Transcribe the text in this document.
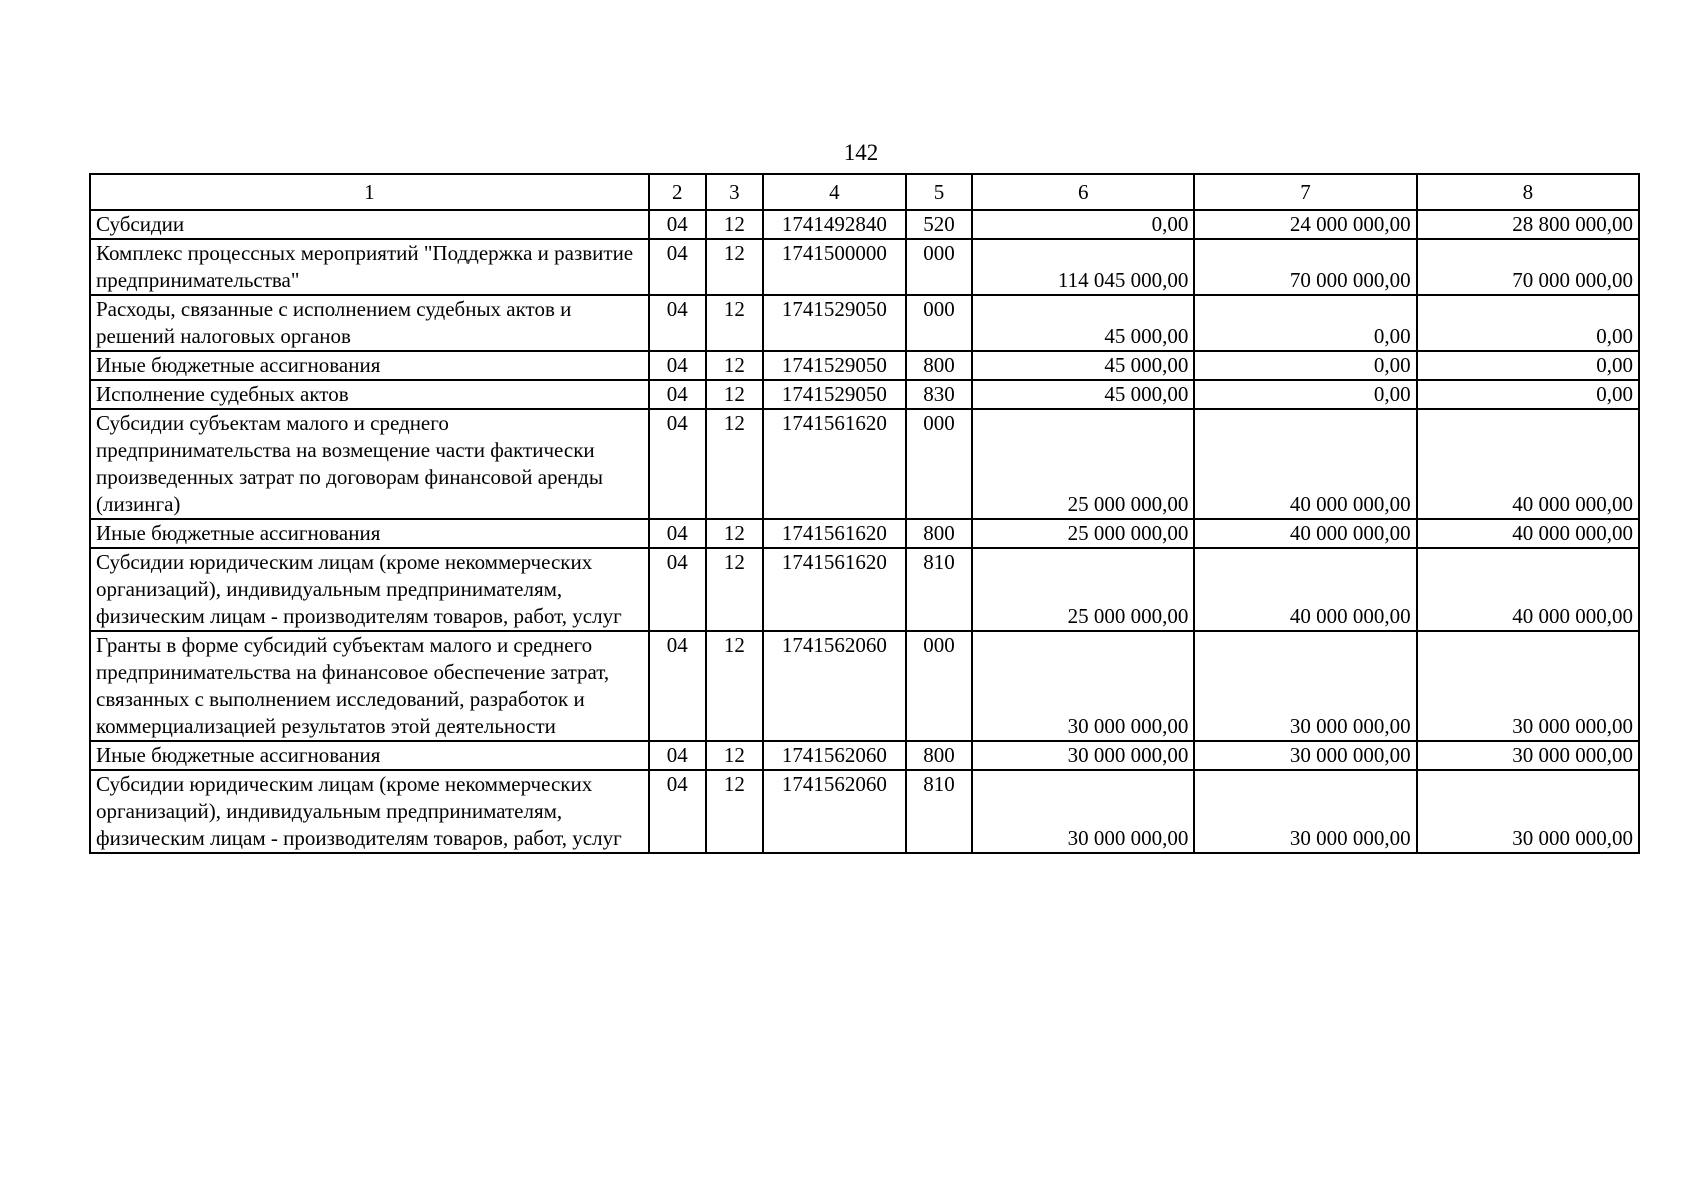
142
1	2	3	4	5	6	7	8
Субсидии	04	12	1741492840	520	0,00	24 000 000,00	28 800 000,00
Комплекс процессных мероприятий "Поддержка и развитие предпринимательства"	04	12	1741500000	000	114 045 000,00	70 000 000,00	70 000 000,00
Расходы, связанные с исполнением судебных актов и решений налоговых органов	04	12	1741529050	000	45 000,00	0,00	0,00
Иные бюджетные ассигнования	04	12	1741529050	800	45 000,00	0,00	0,00
Исполнение судебных актов	04	12	1741529050	830	45 000,00	0,00	0,00
Субсидии субъектам малого и среднего предпринимательства на возмещение части фактически произведенных затрат по договорам финансовой аренды (лизинга)	04	12	1741561620	000	25 000 000,00	40 000 000,00	40 000 000,00
Иные бюджетные ассигнования	04	12	1741561620	800	25 000 000,00	40 000 000,00	40 000 000,00
Субсидии юридическим лицам (кроме некоммерческих организаций), индивидуальным предпринимателям, физическим лицам - производителям товаров, работ, услуг	04	12	1741561620	810	25 000 000,00	40 000 000,00	40 000 000,00
Гранты в форме субсидий субъектам малого и среднего предпринимательства на финансовое обеспечение затрат, связанных с выполнением исследований, разработок и коммерциализацией результатов этой деятельности	04	12	1741562060	000	30 000 000,00	30 000 000,00	30 000 000,00
Иные бюджетные ассигнования	04	12	1741562060	800	30 000 000,00	30 000 000,00	30 000 000,00
Субсидии юридическим лицам (кроме некоммерческих организаций), индивидуальным предпринимателям, физическим лицам - производителям товаров, работ, услуг	04	12	1741562060	810	30 000 000,00	30 000 000,00	30 000 000,00
